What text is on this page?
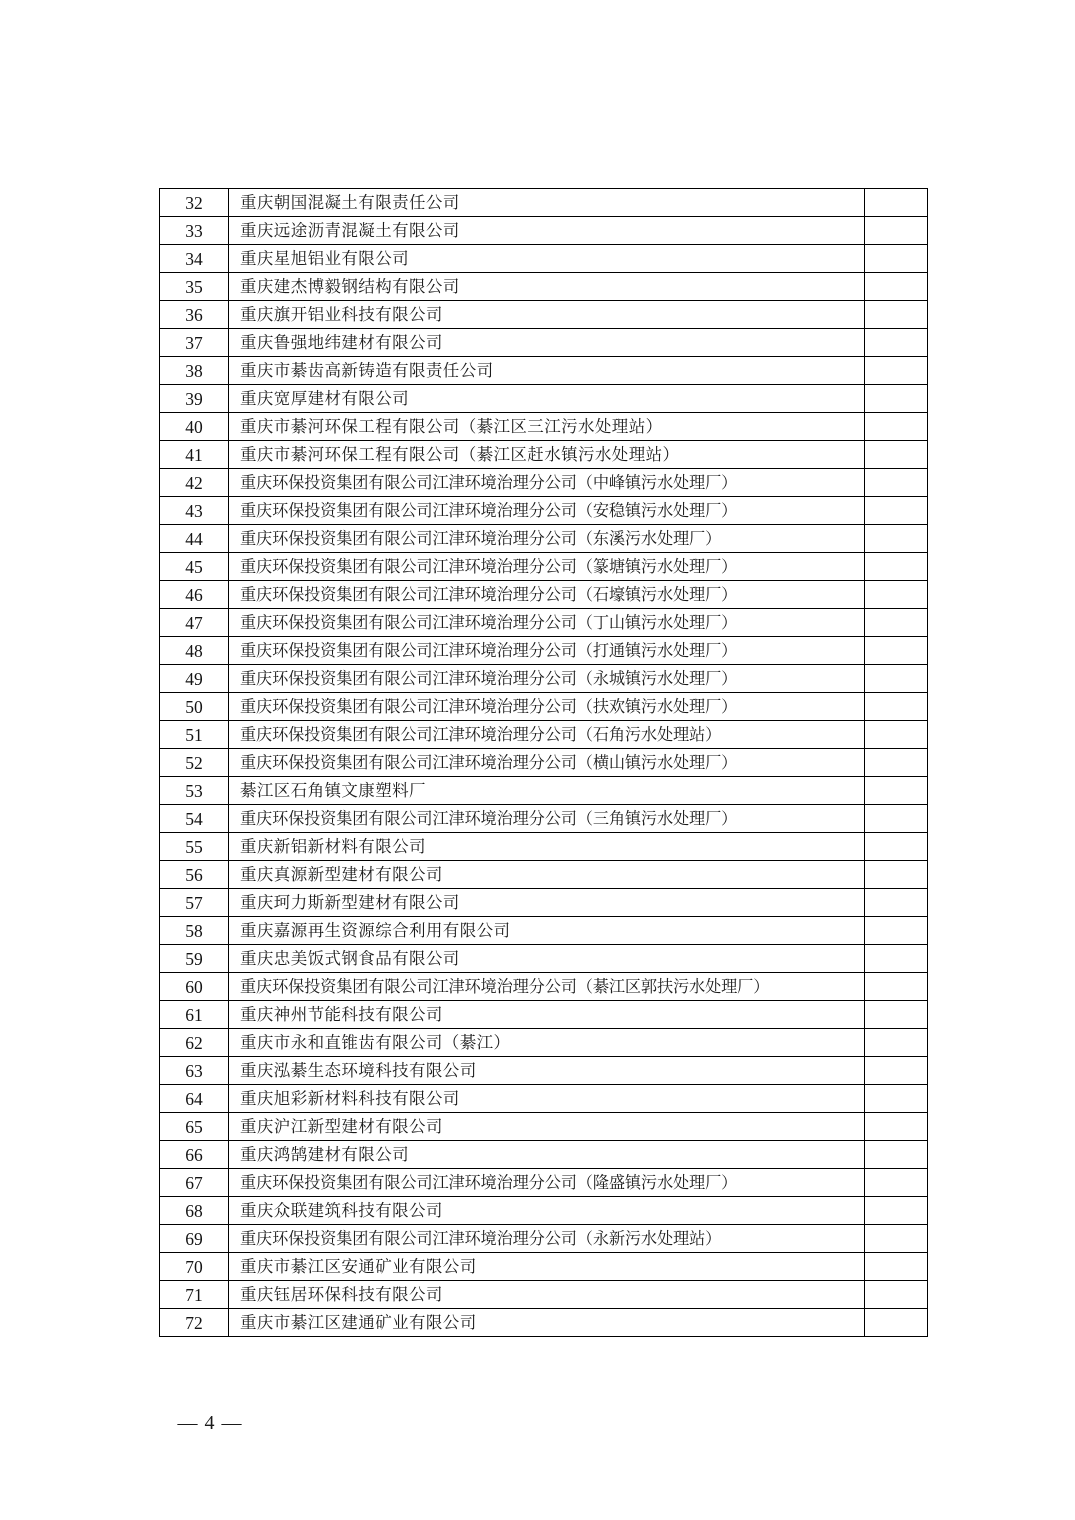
32	重庆朝国混凝土有限责任公司	
33	重庆远途沥青混凝土有限公司	
34	重庆星旭铝业有限公司	
35	重庆建杰博毅钢结构有限公司	
36	重庆旗开铝业科技有限公司	
37	重庆鲁强地纬建材有限公司	
38	重庆市綦齿高新铸造有限责任公司	
39	重庆宽厚建材有限公司	
40	重庆市綦河环保工程有限公司（綦江区三江污水处理站）	
41	重庆市綦河环保工程有限公司（綦江区赶水镇污水处理站）	
42	重庆环保投资集团有限公司江津环境治理分公司（中峰镇污水处理厂）	
43	重庆环保投资集团有限公司江津环境治理分公司（安稳镇污水处理厂）	
44	重庆环保投资集团有限公司江津环境治理分公司（东溪污水处理厂）	
45	重庆环保投资集团有限公司江津环境治理分公司（篆塘镇污水处理厂）	
46	重庆环保投资集团有限公司江津环境治理分公司（石壕镇污水处理厂）	
47	重庆环保投资集团有限公司江津环境治理分公司（丁山镇污水处理厂）	
48	重庆环保投资集团有限公司江津环境治理分公司（打通镇污水处理厂）	
49	重庆环保投资集团有限公司江津环境治理分公司（永城镇污水处理厂）	
50	重庆环保投资集团有限公司江津环境治理分公司（扶欢镇污水处理厂）	
51	重庆环保投资集团有限公司江津环境治理分公司（石角污水处理站）	
52	重庆环保投资集团有限公司江津环境治理分公司（横山镇污水处理厂）	
53	綦江区石角镇文康塑料厂	
54	重庆环保投资集团有限公司江津环境治理分公司（三角镇污水处理厂）	
55	重庆新铝新材料有限公司	
56	重庆真源新型建材有限公司	
57	重庆珂力斯新型建材有限公司	
58	重庆嘉源再生资源综合利用有限公司	
59	重庆忠美饭式钢食品有限公司	
60	重庆环保投资集团有限公司江津环境治理分公司（綦江区郭扶污水处理厂）	
61	重庆神州节能科技有限公司	
62	重庆市永和直锥齿有限公司（綦江）	
63	重庆泓綦生态环境科技有限公司	
64	重庆旭彩新材料科技有限公司	
65	重庆沪江新型建材有限公司	
66	重庆鸿鹄建材有限公司	
67	重庆环保投资集团有限公司江津环境治理分公司（隆盛镇污水处理厂）	
68	重庆众联建筑科技有限公司	
69	重庆环保投资集团有限公司江津环境治理分公司（永新污水处理站）	
70	重庆市綦江区安通矿业有限公司	
71	重庆钰居环保科技有限公司	
72	重庆市綦江区建通矿业有限公司	
— 4 —
